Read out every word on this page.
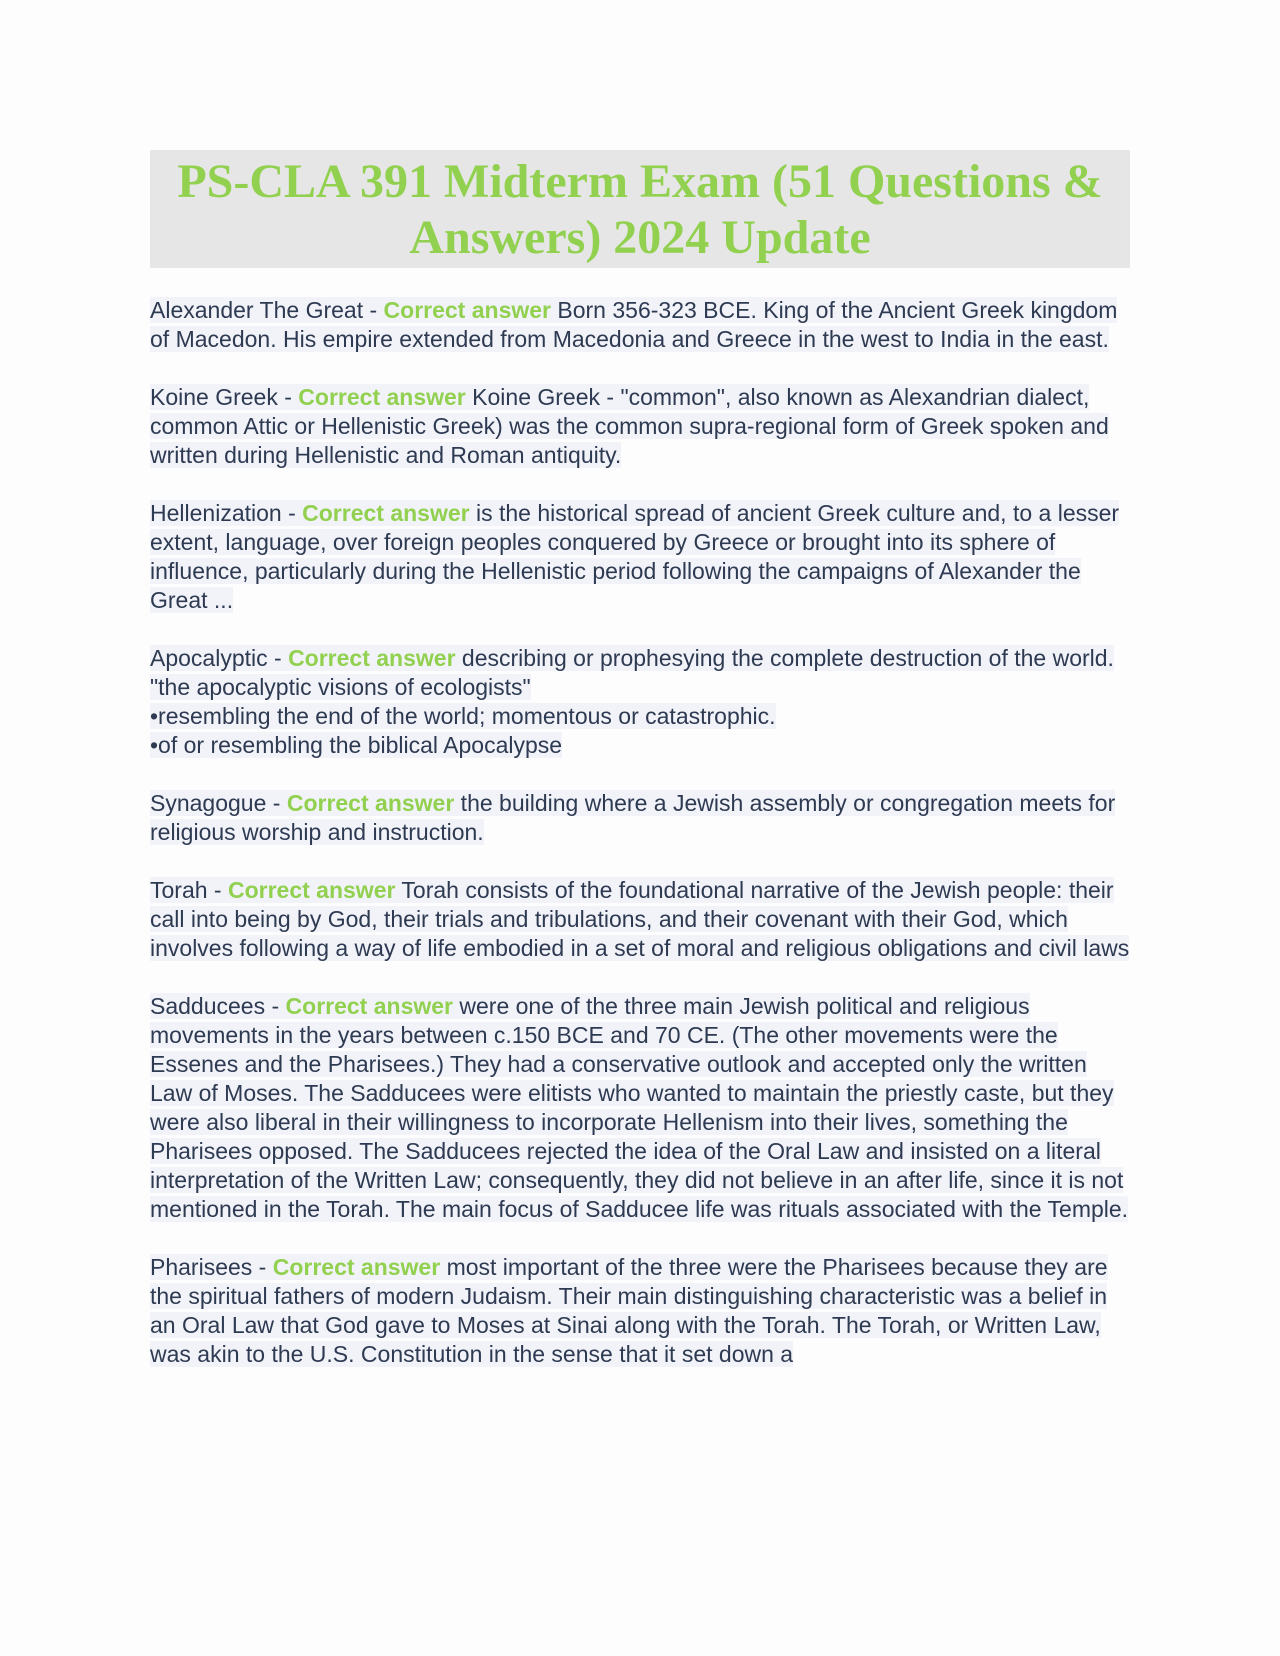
PS-CLA 391 Midterm Exam (51 Questions & Answers) 2024 Update

Alexander The Great - Correct answer Born 356-323 BCE. King of the Ancient Greek kingdom of Macedon. His empire extended from Macedonia and Greece in the west to India in the east.

Koine Greek - Correct answer Koine Greek - "common", also known as Alexandrian dialect, common Attic or Hellenistic Greek) was the common supra-regional form of Greek spoken and written during Hellenistic and Roman antiquity.

Hellenization - Correct answer is the historical spread of ancient Greek culture and, to a lesser extent, language, over foreign peoples conquered by Greece or brought into its sphere of influence, particularly during the Hellenistic period following the campaigns of Alexander the Great ...

Apocalyptic - Correct answer describing or prophesying the complete destruction of the world.
"the apocalyptic visions of ecologists"
•resembling the end of the world; momentous or catastrophic.
•of or resembling the biblical Apocalypse

Synagogue - Correct answer the building where a Jewish assembly or congregation meets for religious worship and instruction.

Torah - Correct answer Torah consists of the foundational narrative of the Jewish people: their call into being by God, their trials and tribulations, and their covenant with their God, which involves following a way of life embodied in a set of moral and religious obligations and civil laws

Sadducees - Correct answer were one of the three main Jewish political and religious movements in the years between c.150 BCE and 70 CE. (The other movements were the Essenes and the Pharisees.) They had a conservative outlook and accepted only the written Law of Moses. The Sadducees were elitists who wanted to maintain the priestly caste, but they were also liberal in their willingness to incorporate Hellenism into their lives, something the Pharisees opposed. The Sadducees rejected the idea of the Oral Law and insisted on a literal interpretation of the Written Law; consequently, they did not believe in an after life, since it is not mentioned in the Torah. The main focus of Sadducee life was rituals associated with the Temple.

Pharisees - Correct answer most important of the three were the Pharisees because they are the spiritual fathers of modern Judaism. Their main distinguishing characteristic was a belief in an Oral Law that God gave to Moses at Sinai along with the Torah. The Torah, or Written Law, was akin to the U.S. Constitution in the sense that it set down a
